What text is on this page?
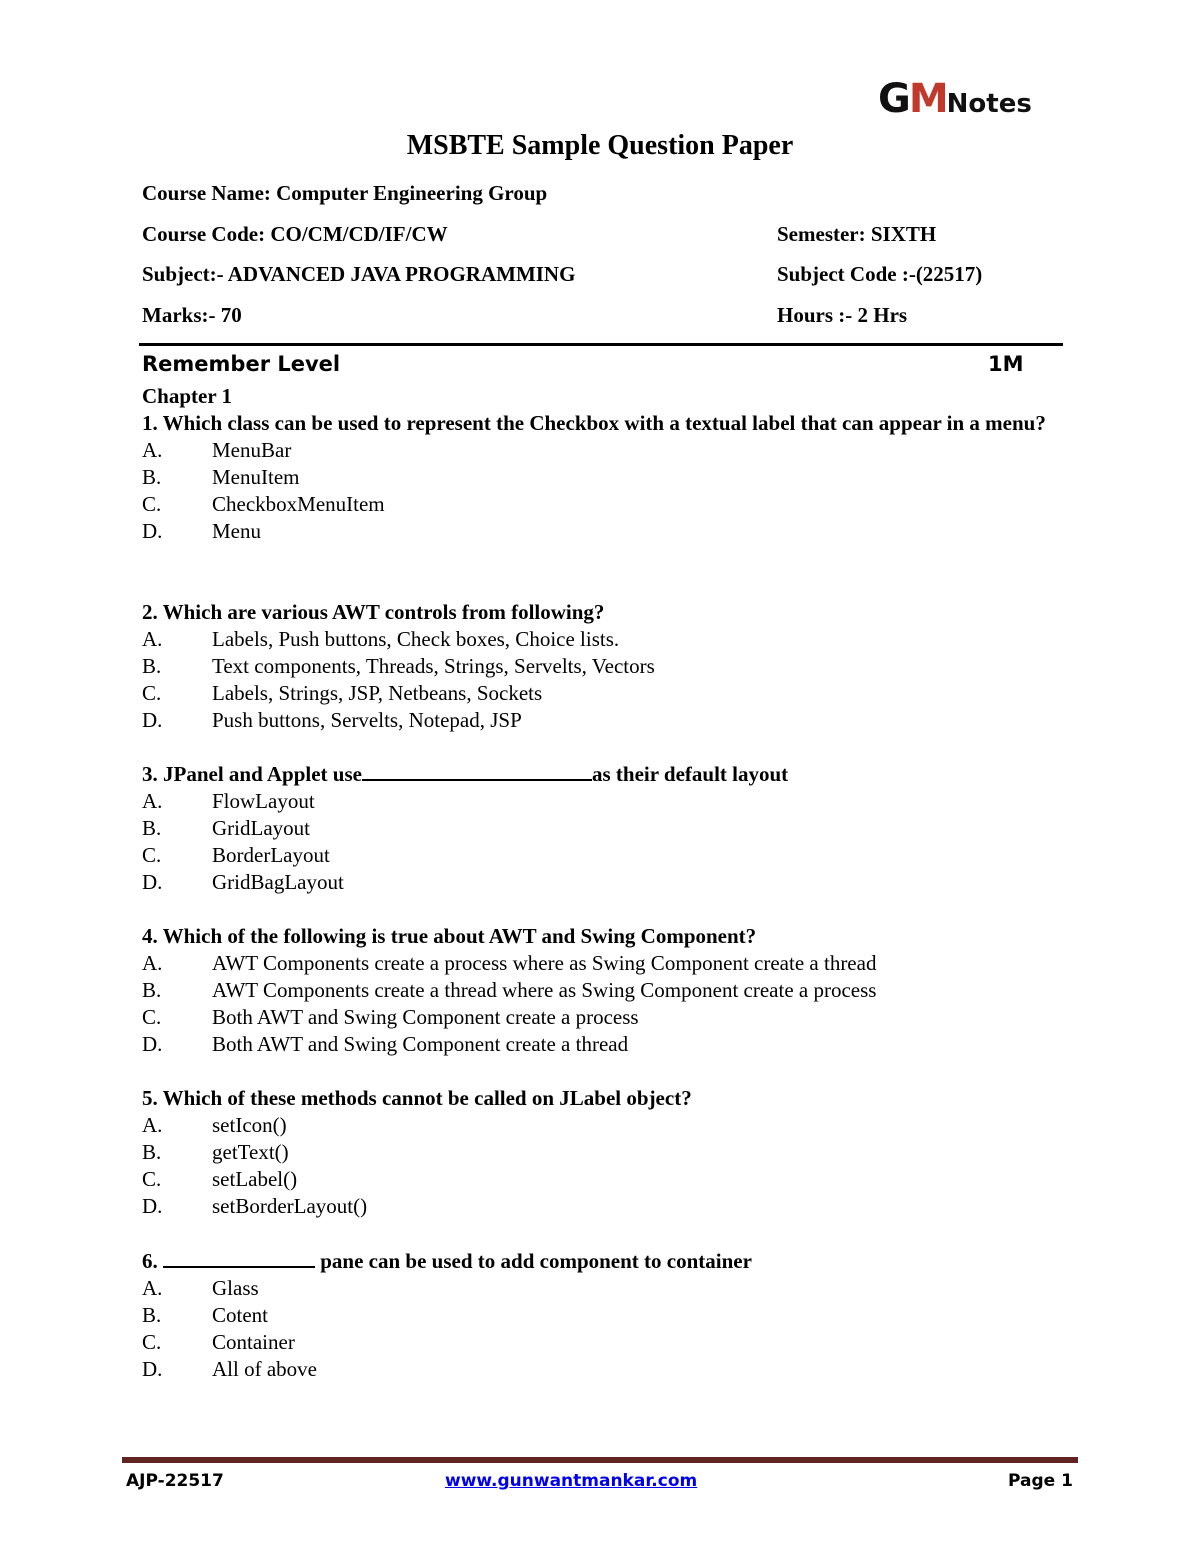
GMNotes
MSBTE Sample Question Paper
Course Name: Computer Engineering Group
Course Code: CO/CM/CD/IF/CW	Semester: SIXTH
Subject:- ADVANCED JAVA PROGRAMMING	Subject Code :-(22517)
Marks:- 70	Hours :- 2 Hrs
Remember Level	1M
Chapter 1
1. Which class can be used to represent the Checkbox with a textual label that can appear in a menu?
A.	MenuBar
B.	MenuItem
C.	CheckboxMenuItem
D.	Menu
2. Which are various AWT controls from following?
A.	Labels, Push buttons, Check boxes, Choice lists.
B.	Text components, Threads, Strings, Servelts, Vectors
C.	Labels, Strings, JSP, Netbeans, Sockets
D.	Push buttons, Servelts, Notepad, JSP
3. JPanel and Applet use	as their default layout
A.	FlowLayout
B.	GridLayout
C.	BorderLayout
D.	GridBagLayout
4. Which of the following is true about AWT and Swing Component?
A.	AWT Components create a process where as Swing Component create a thread
B.	AWT Components create a thread where as Swing Component create a process
C.	Both AWT and Swing Component create a process
D.	Both AWT and Swing Component create a thread
5. Which of these methods cannot be called on JLabel object?
A.	setIcon()
B.	getText()
C.	setLabel()
D.	setBorderLayout()
6.	pane can be used to add component to container
A.	Glass
B.	Cotent
C.	Container
D.	All of above
AJP-22517	www.gunwantmankar.com	Page 1
